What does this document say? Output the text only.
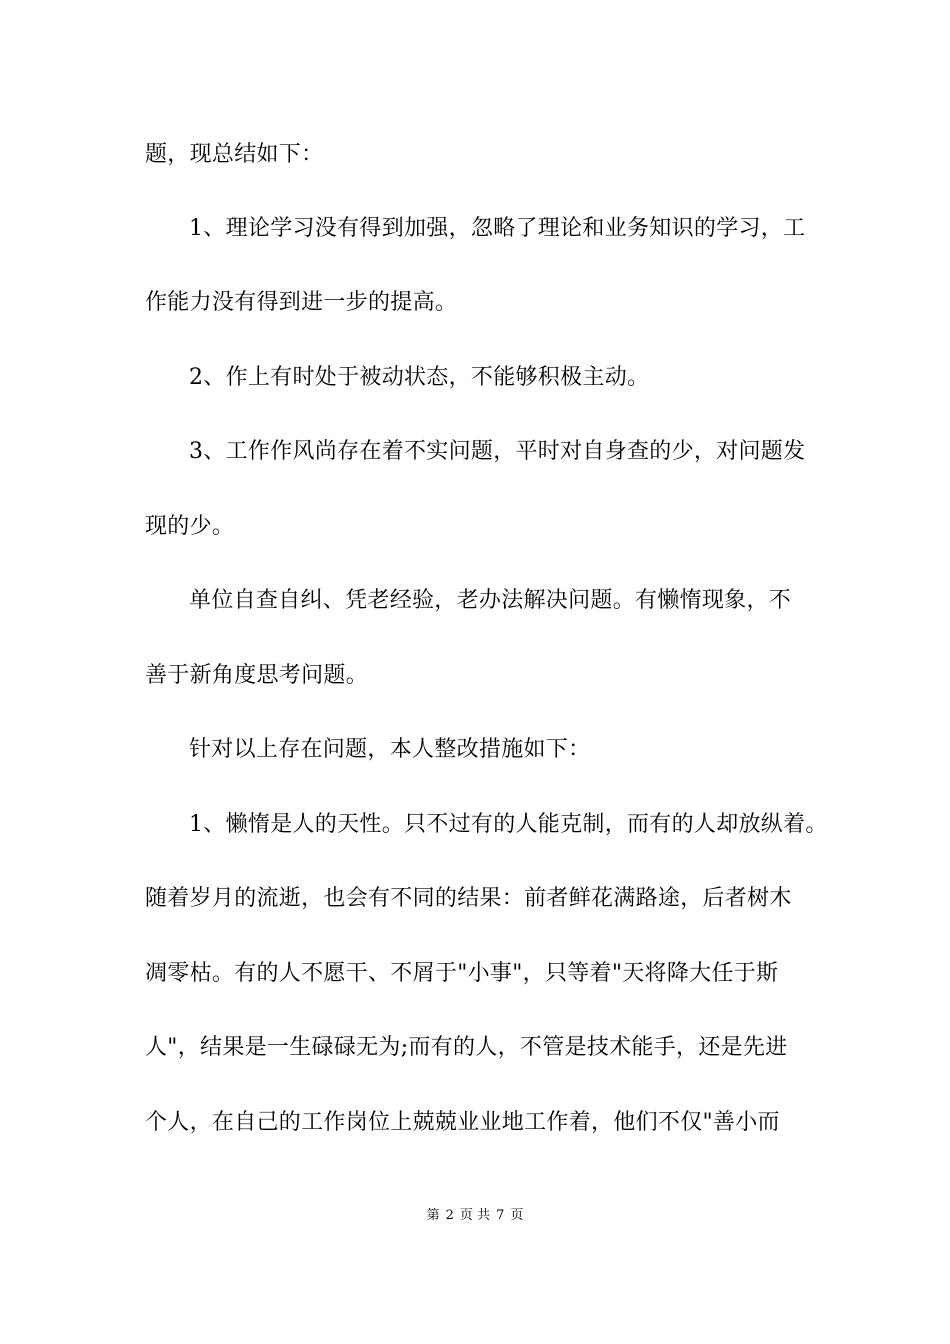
题，现总结如下：
1、理论学习没有得到加强，忽略了理论和业务知识的学习，工
作能力没有得到进一步的提高。
2、作上有时处于被动状态，不能够积极主动。
3、工作作风尚存在着不实问题，平时对自身查的少，对问题发
现的少。
单位自查自纠、凭老经验，老办法解决问题。有懒惰现象，不
善于新角度思考问题。
针对以上存在问题，本人整改措施如下：
1、懒惰是人的天性。只不过有的人能克制，而有的人却放纵着。
随着岁月的流逝，也会有不同的结果：前者鲜花满路途，后者树木
凋零枯。有的人不愿干、不屑于"小事"，只等着"天将降大任于斯
人"，结果是一生碌碌无为;而有的人，不管是技术能手，还是先进
个人，在自己的工作岗位上兢兢业业地工作着，他们不仅"善小而
第 2 页 共 7 页
